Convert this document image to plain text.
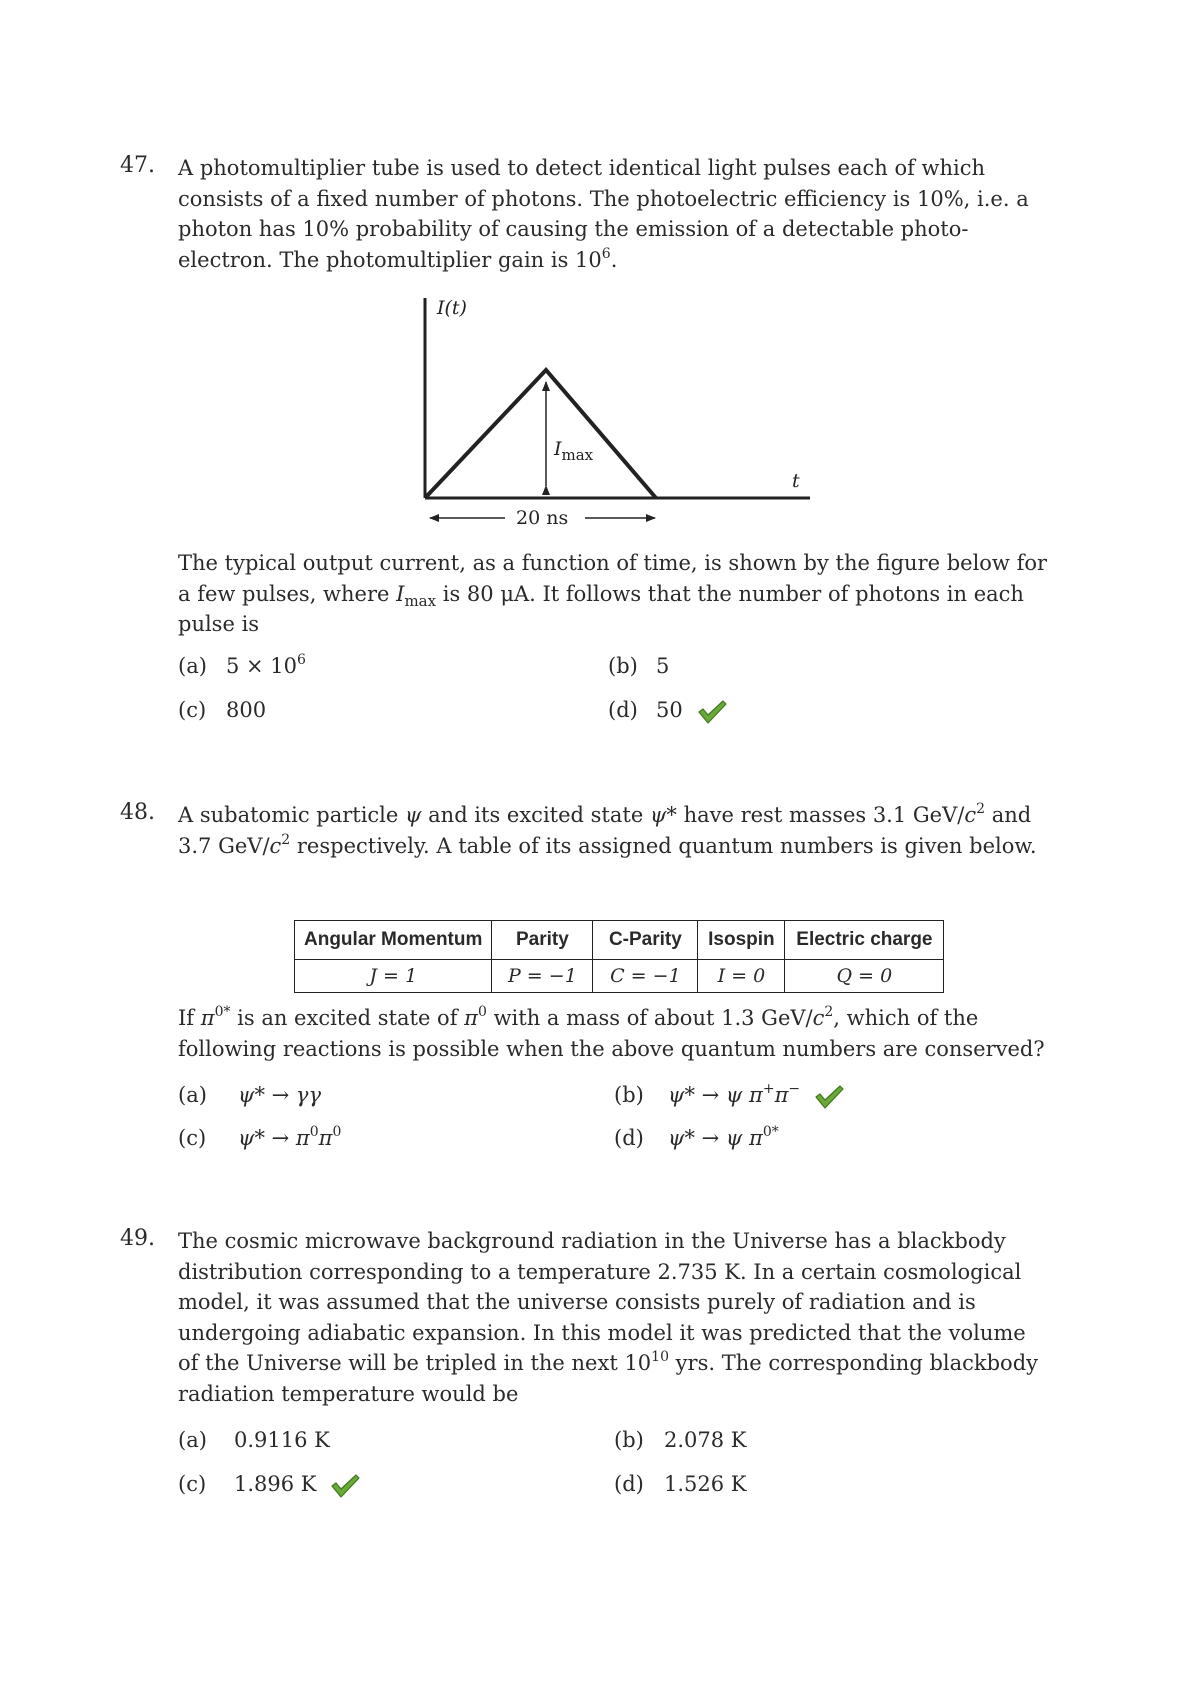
47. A photomultiplier tube is used to detect identical light pulses each of which
consists of a fixed number of photons. The photoelectric efficiency is 10%, i.e. a
photon has 10% probability of causing the emission of a detectable photo-
electron. The photomultiplier gain is $10^6$.
I(t)
t
$I_{max}$
20 ns
The typical output current, as a function of time, is shown by the figure below for
a few pulses, where $I_{max}$ is 80 μA. It follows that the number of photons in each
pulse is
(a) $5 \times 10^6$	(b) 5
(c) 800	(d) 50
48. A subatomic particle ψ and its excited state ψ* have rest masses 3.1 GeV/$c^2$ and
3.7 GeV/$c^2$ respectively. A table of its assigned quantum numbers is given below.
Angular Momentum	Parity	C-Parity	Isospin	Electric charge
J = 1	P = −1	C = −1	I = 0	Q = 0
If $\pi^{0*}$ is an excited state of $\pi^0$ with a mass of about 1.3 GeV/$c^2$, which of the
following reactions is possible when the above quantum numbers are conserved?
(a) ψ* → γγ	(b) ψ* → ψ π+π−
(c) $\psi* \to \pi^0\pi^0$	(d) ψ* → ψ $\pi^{0*}$
49. The cosmic microwave background radiation in the Universe has a blackbody
distribution corresponding to a temperature 2.735 K. In a certain cosmological
model, it was assumed that the universe consists purely of radiation and is
undergoing adiabatic expansion. In this model it was predicted that the volume
of the Universe will be tripled in the next $10^{10}$ yrs. The corresponding blackbody
radiation temperature would be
(a) 0.9116 K	(b) 2.078 K
(c) 1.896 K	(d) 1.526 K
